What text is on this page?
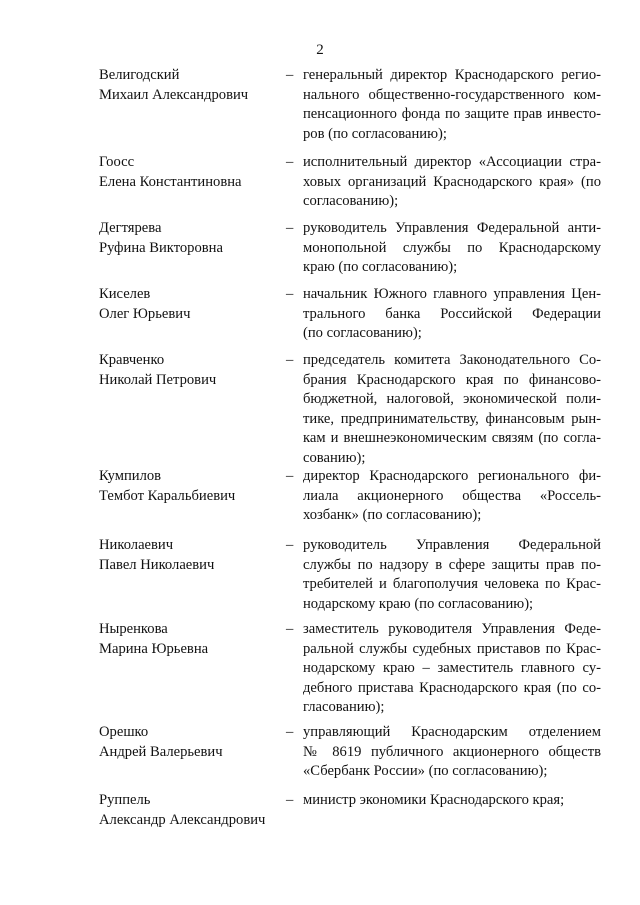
2
Велигодский
Михаил Александрович
– генеральный директор Краснодарского регио-
нального общественно-государственного ком-
пенсационного фонда по защите прав инвесто-
ров (по согласованию);
Гоосс
Елена Константиновна
– исполнительный директор «Ассоциации стра-
ховых организаций Краснодарского края» (по
согласованию);
Дегтярева
Руфина Викторовна
– руководитель Управления Федеральной анти-
монопольной службы по Краснодарскому
краю (по согласованию);
Киселев
Олег Юрьевич
– начальник Южного главного управления Цен-
трального банка Российской Федерации
(по согласованию);
Кравченко
Николай Петрович
– председатель комитета Законодательного Со-
брания Краснодарского края по финансово-
бюджетной, налоговой, экономической поли-
тике, предпринимательству, финансовым рын-
кам и внешнеэкономическим связям (по согла-
сованию);
Кумпилов
Тембот Каральбиевич
– директор Краснодарского регионального фи-
лиала акционерного общества «Россель-
хозбанк» (по согласованию);
Николаевич
Павел Николаевич
– руководитель Управления Федеральной
службы по надзору в сфере защиты прав по-
требителей и благополучия человека по Крас-
нодарскому краю (по согласованию);
Ныренкова
Марина Юрьевна
– заместитель руководителя Управления Феде-
ральной службы судебных приставов по Крас-
нодарскому краю – заместитель главного су-
дебного пристава Краснодарского края (по со-
гласованию);
Орешко
Андрей Валерьевич
– управляющий Краснодарским отделением
№ 8619 публичного акционерного обществ
«Сбербанк России» (по согласованию);
Руппель
Александр Александрович
– министр экономики Краснодарского края;
